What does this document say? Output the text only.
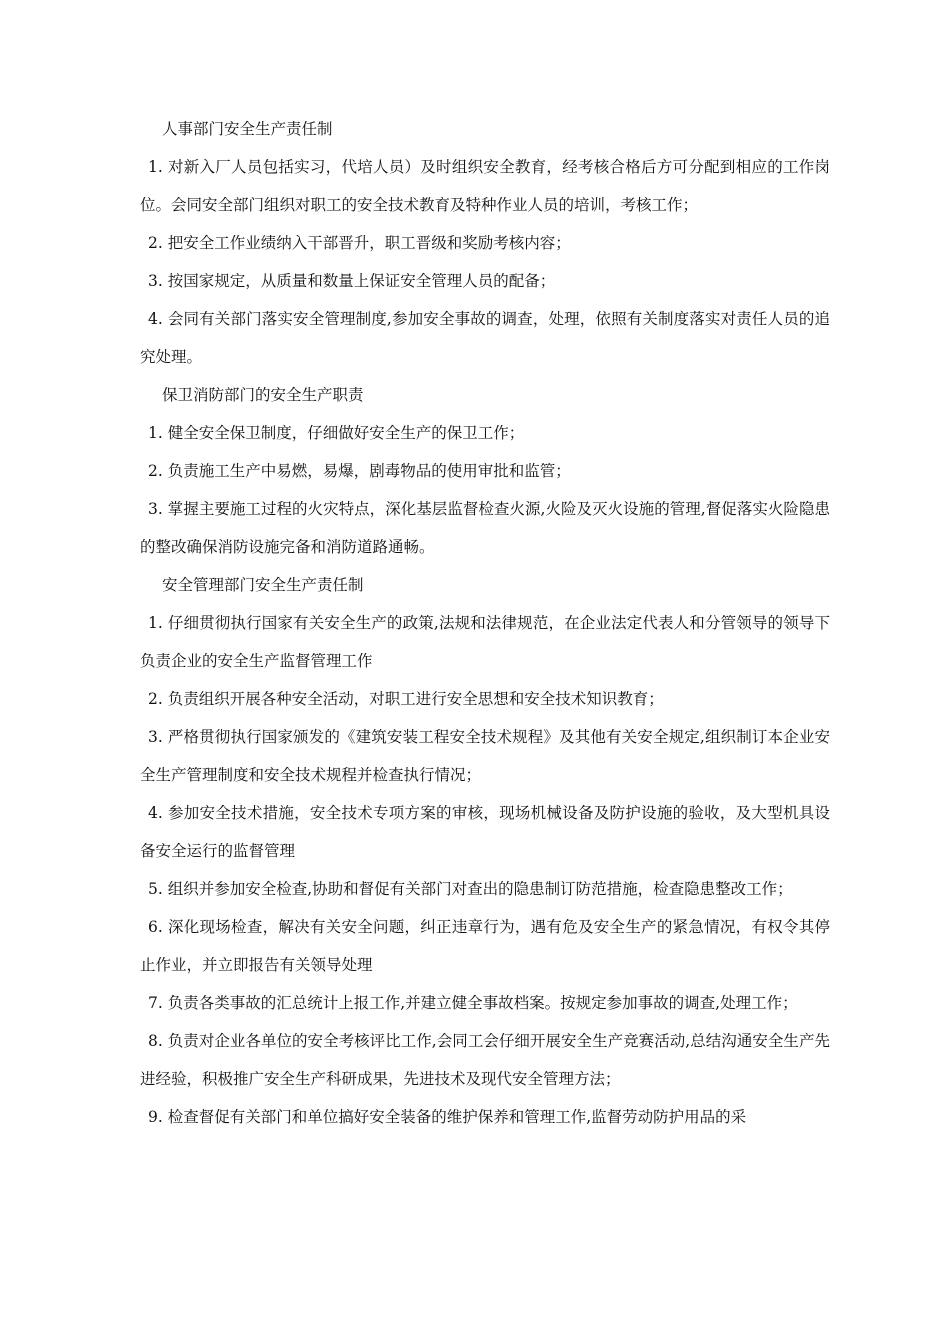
人事部门安全生产责任制

1. 对新入厂人员包括实习，代培人员）及时组织安全教育，经考核合格后方可分配到相应的工作岗位。会同安全部门组织对职工的安全技术教育及特种作业人员的培训，考核工作；

2. 把安全工作业绩纳入干部晋升，职工晋级和奖励考核内容；

3. 按国家规定，从质量和数量上保证安全管理人员的配备；

4. 会同有关部门落实安全管理制度,参加安全事故的调查，处理，依照有关制度落实对责任人员的追究处理。

保卫消防部门的安全生产职责

1. 健全安全保卫制度，仔细做好安全生产的保卫工作；

2. 负责施工生产中易燃，易爆，剧毒物品的使用审批和监管；

3. 掌握主要施工过程的火灾特点，深化基层监督检查火源,火险及灭火设施的管理,督促落实火险隐患的整改确保消防设施完备和消防道路通畅。

安全管理部门安全生产责任制

1. 仔细贯彻执行国家有关安全生产的政策,法规和法律规范，在企业法定代表人和分管领导的领导下负责企业的安全生产监督管理工作

2. 负责组织开展各种安全活动，对职工进行安全思想和安全技术知识教育；

3. 严格贯彻执行国家颁发的《建筑安装工程安全技术规程》及其他有关安全规定,组织制订本企业安全生产管理制度和安全技术规程并检查执行情况；

4. 参加安全技术措施，安全技术专项方案的审核，现场机械设备及防护设施的验收，及大型机具设备安全运行的监督管理

5. 组织并参加安全检查,协助和督促有关部门对查出的隐患制订防范措施，检查隐患整改工作；

6. 深化现场检查，解决有关安全问题，纠正违章行为，遇有危及安全生产的紧急情况，有权令其停止作业，并立即报告有关领导处理

7. 负责各类事故的汇总统计上报工作,并建立健全事故档案。按规定参加事故的调查,处理工作；

8. 负责对企业各单位的安全考核评比工作,会同工会仔细开展安全生产竞赛活动,总结沟通安全生产先进经验，积极推广安全生产科研成果，先进技术及现代安全管理方法；

9. 检查督促有关部门和单位搞好安全装备的维护保养和管理工作,监督劳动防护用品的采
